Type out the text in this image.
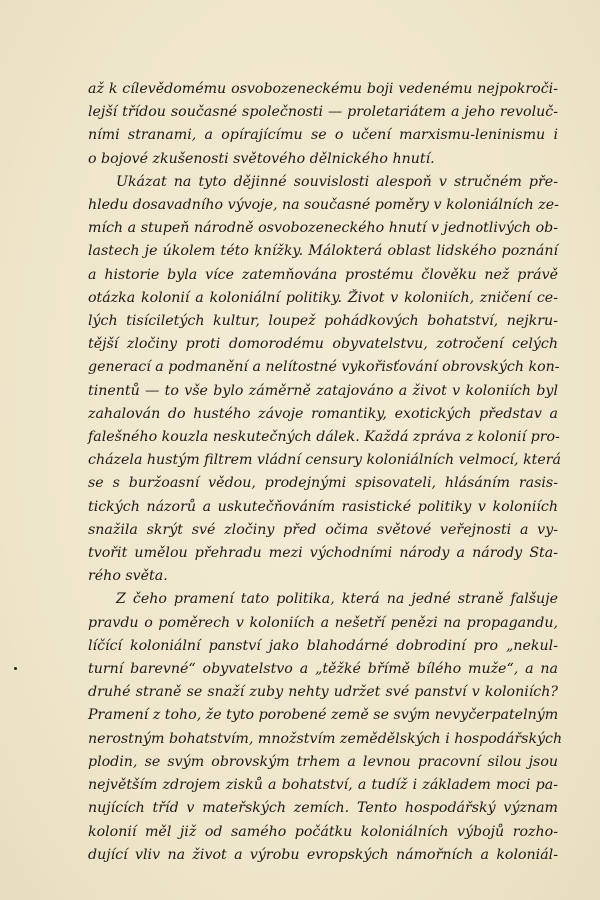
až k cílevědomému osvobozeneckému boji vedenému nejpokroči-
lejší třídou současné společnosti — proletariátem a jeho revoluč-
ními stranami, a opírajícímu se o učení marxismu-leninismu i
o bojové zkušenosti světového dělnického hnutí.
Ukázat na tyto dějinné souvislosti alespoň v stručném pře-
hledu dosavadního vývoje, na současné poměry v koloniálních ze-
mích a stupeň národně osvobozeneckého hnutí v jednotlivých ob-
lastech je úkolem této knížky. Málokterá oblast lidského poznání
a historie byla více zatemňována prostému člověku než právě
otázka kolonií a koloniální politiky. Život v koloniích, zničení ce-
lých tisíciletých kultur, loupež pohádkových bohatství, nejkru-
tější zločiny proti domorodému obyvatelstvu, zotročení celých
generací a podmanění a nelítostné vykořisťování obrovských kon-
tinentů — to vše bylo záměrně zatajováno a život v koloniích byl
zahalován do hustého závoje romantiky, exotických představ a
falešného kouzla neskutečných dálek. Každá zpráva z kolonií pro-
cházela hustým filtrem vládní censury koloniálních velmocí, která
se s buržoasní vědou, prodejnými spisovateli, hlásáním rasis-
tických názorů a uskutečňováním rasistické politiky v koloniích
snažila skrýt své zločiny před očima světové veřejnosti a vy-
tvořit umělou přehradu mezi východními národy a národy Sta-
rého světa.
Z čeho pramení tato politika, která na jedné straně falšuje
pravdu o poměrech v koloniích a nešetří penězi na propagandu,
líčící koloniální panství jako blahodárné dobrodiní pro „nekul-
turní barevné“ obyvatelstvo a „těžké břímě bílého muže“, a na
druhé straně se snaží zuby nehty udržet své panství v koloniích?
Pramení z toho, že tyto porobené země se svým nevyčerpatelným
nerostným bohatstvím, množstvím zemědělských i hospodářských
plodin, se svým obrovským trhem a levnou pracovní silou jsou
největším zdrojem zisků a bohatství, a tudíž i základem moci pa-
nujících tříd v mateřských zemích. Tento hospodářský význam
kolonií měl již od samého počátku koloniálních výbojů rozho-
dující vliv na život a výrobu evropských námořních a koloniál-
